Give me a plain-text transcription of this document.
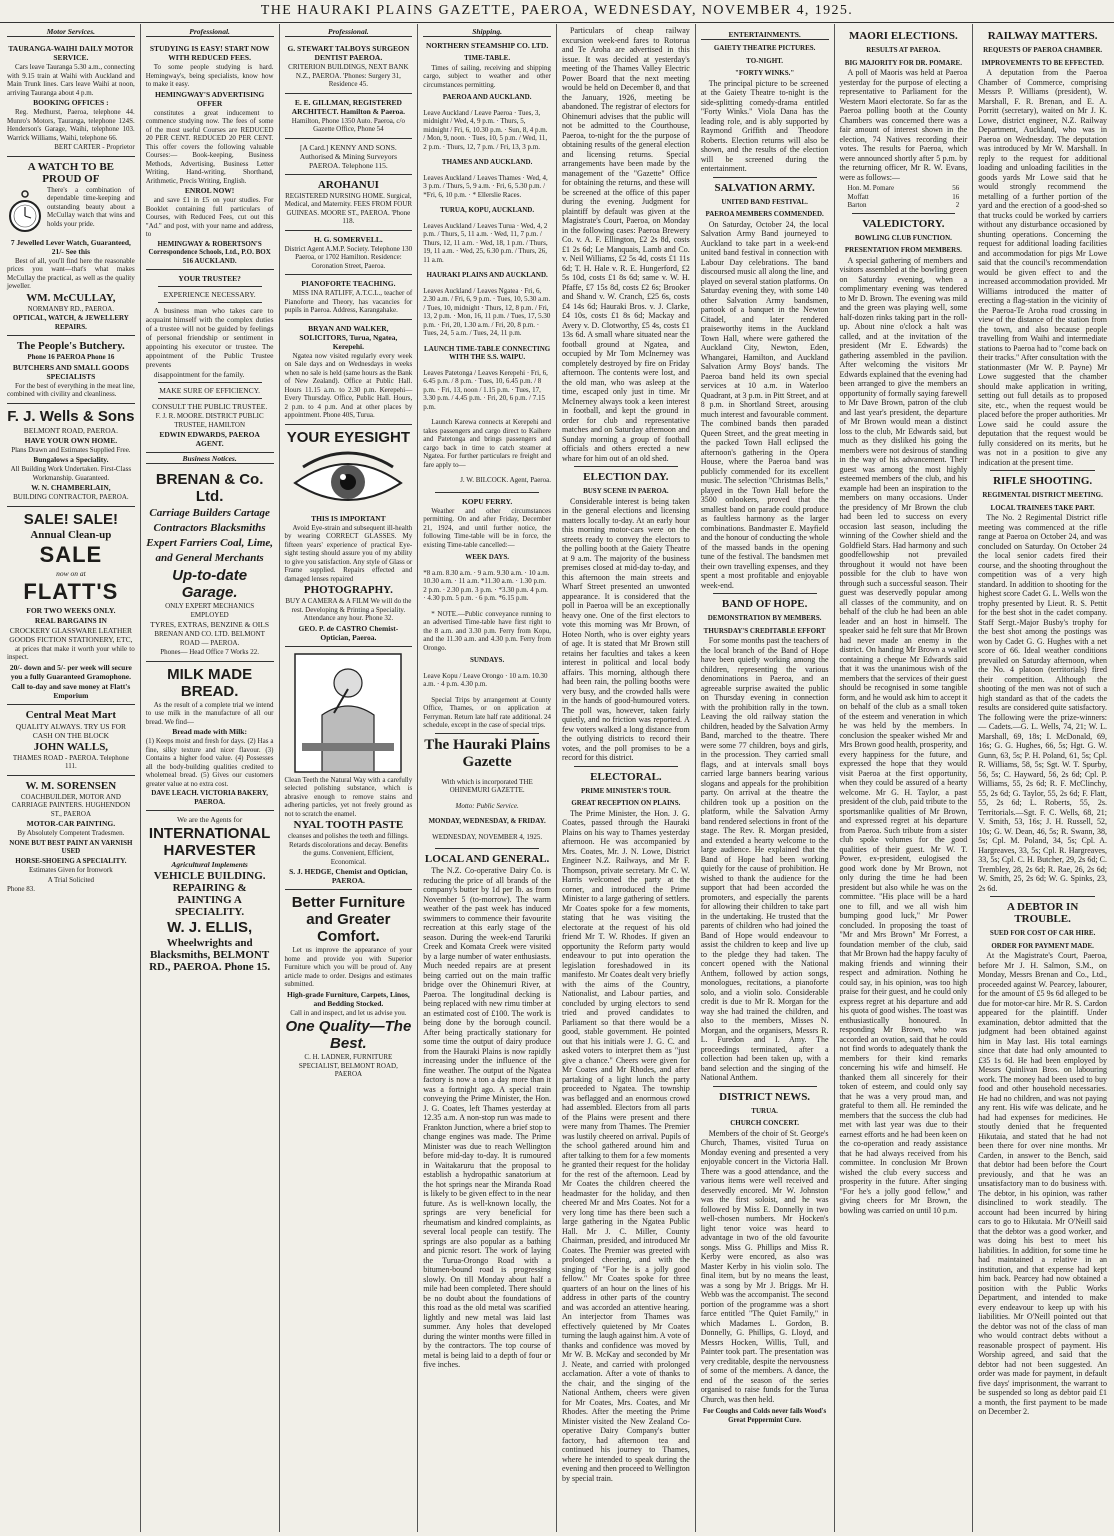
THE HAURAKI PLAINS GAZETTE, PAEROA, WEDNESDAY, NOVEMBER 4, 1925.
Motor Services.

TAURANGA-WAIHI DAILY MOTOR SERVICE.

Cars leave Tauranga 5.30 a.m., connecting with 9.15 train at Waihi with Auckland and Main Trunk lines. Cars leave Waihi at noon, arriving Tauranga about 4 p.m.

BOOKING OFFICES :

Reg. Medhurst, Paeroa, telephone 44. Munro's Motors, Tauranga, telephone 124S. Henderson's Garage, Waihi, telephone 103. Warrick Williams, Waihi, telephone 66.

BERT CARTER - Proprietor

A WATCH TO BE PROUD OF

There's a combination of dependable time-keeping and outstanding beauty about a McCullay watch that wins and holds your pride.

7 Jewelled Lever Watch, Guaranteed, 21/- See this

Best of all, you'll find here the reasonable prices you want—that's what makes McCullay the practical, as well as the quality jeweller.

WM. McCULLAY,

NORMANBY RD., PAEROA.

OPTICAL, WATCH, & JEWELLERY REPAIRS.

The People's Butchery.

Phone 16 PAEROA Phone 16

BUTCHERS AND SMALL GOODS SPECIALISTS

For the best of everything in the meat line, combined with civility and cleanliness.

F. J. Wells & Sons

BELMONT ROAD, PAEROA.

HAVE YOUR OWN HOME.

Plans Drawn and Estimates Supplied Free.

Bungalows a Speciality.

All Building Work Undertaken. First-Class Workmanship. Guaranteed.

W. N. CHAMBERLAIN,

BUILDING CONTRACTOR, PAEROA.

SALE! SALE!

Annual Clean-up

SALE

now on at

FLATT'S

FOR TWO WEEKS ONLY.

REAL BARGAINS IN

CROCKERY GLASSWARE LEATHER GOODS FICTION STATIONERY, ETC,

at prices that make it worth your while to inspect.

20/- down and 5/- per week will secure you a fully Guaranteed Gramophone.

Call to-day and save money at Flatt's Emporium

Central Meat Mart

QUALITY ALWAYS. TRY US FOR CASH ON THE BLOCK

JOHN WALLS,

THAMES ROAD - PAEROA. Telephone 111.

W. M. SORENSEN

COACHBUILDER, MOTOR AND CARRIAGE PAINTERS. HUGHENDON ST., PAEROA

MOTOR-CAR PAINTING.

By Absolutely Competent Tradesmen.

NONE BUT BEST PAINT AN VARNISH USED

HORSE-SHOEING A SPECIALITY.

Estimates Given for Ironwork

A Trial Solicited

Phone 83.

Professional.

STUDYING IS EASY! START NOW WITH REDUCED FEES.

To some people studying is hard. Hemingway's, being specialists, know how to make it easy.

HEMINGWAY'S ADVERTISING OFFER

constitutes a great inducement to commence studying now. The fees of some of the most useful Courses are REDUCED 20 PER CENT. REDUCED 20 PER CENT. This offer covers the following valuable Courses:— Book-keeping, Business Methods, Advertising, Business Letter Writing, Hand-writing, Shorthand, Arithmetic, Precis Writing, English.

ENROL NOW!

and save £1 in £5 on your studies. For Booklet containing full particulars of Courses, with Reduced Fees, cut out this "Ad." and post, with your name and address, to

HEMINGWAY & ROBERTSON'S Correspondence Schools, Ltd., P.O. BOX 516 AUCKLAND.

YOUR TRUSTEE?

EXPERIENCE NECESSARY.

A business man who takes care to acquaint himself with the complex duties of a trustee will not be guided by feelings of personal friendship or sentiment in appointing his executor or trustee. The appointment of the Public Trustee prevents

disappointment for the family.

MAKE SURE OF EFFICIENCY.

CONSULT THE PUBLIC TRUSTEE.

F. J. R. MOORE. DISTRICT PUBLIC TRUSTEE, HAMILTON

EDWIN EDWARDS, PAEROA AGENT.

Business Notices.

BRENAN & Co. Ltd.

Carriage Builders Cartage Contractors Blacksmiths Expert Farriers Coal, Lime, and General Merchants

Up-to-date Garage.

ONLY EXPERT MECHANICS EMPLOYED

TYRES, EXTRAS, BENZINE & OILS

BRENAN AND CO. LTD. BELMONT ROAD — PAEROA.

Phones— Head Office 7 Works 22.

MILK MADE BREAD.

As the result of a complete trial we intend to use milk in the manufacture of all our bread. We find—

Bread made with Milk:

(1) Keeps moist and fresh for days. (2) Has a fine, silky texture and nicer flavour. (3) Contains a higher food value. (4) Possesses all the body-building qualities credited to wholemeal bread. (5) Gives our customers greater value at no extra cost.

DAVE LEACH. VICTORIA BAKERY, PAEROA.

We are the Agents for

INTERNATIONAL HARVESTER

Agricultural Implements

VEHICLE BUILDING. REPAIRING & PAINTING A SPECIALITY.

W. J. ELLIS,

Wheelwrights and Blacksmiths, BELMONT RD., PAEROA. Phone 15.

Professional.

G. STEWART TALBOYS SURGEON DENTIST PAEROA.

CRITERION BUILDINGS, NEXT BANK N.Z., PAEROA. 'Phones: Surgery 31, Residence 45.

E. E. GILLMAN, REGISTERED ARCHITECT. Hamilton & Paeroa.

Hamilton, Phone 1350 Auto. Paeroa, c/o Gazette Office, Phone 54

[A Card.] KENNY AND SONS. Authorised & Mining Surveyors PAEROA. Telephone 115.

AROHANUI

REGISTERED NURSING HOME. Surgical, Medical, and Maternity. FEES FROM FOUR GUINEAS. MOORE ST., PAEROA. 'Phone 118.

H. G. SOMERVELL.

District Agent A.M.P. Society. Telephone 130 Paeroa, or 1702 Hamilton. Residence: Coronation Street, Paeroa.

PIANOFORTE TEACHING.

MISS INA RATLIFF, A.T.C.L., teacher of Pianoforte and Theory, has vacancies for pupils in Paeroa. Address, Karangahake.

BRYAN AND WALKER, SOLICITORS, Turua, Ngatea, Kerepehi.

Ngatea now visited regularly every week on Sale days and on Wednesdays in weeks when no sale is held (same hours as the Bank of New Zealand). Office at Public Hall. Hours 11.15 a.m. to 2.30 p.m. Kerepehi—Every Thursday. Office, Public Hall. Hours, 2 p.m. to 4 p.m. And at other places by appointment. Phone 40S, Turua.

YOUR EYESIGHT

THIS IS IMPORTANT

Avoid Eye-strain and subsequent ill-health by wearing CORRECT GLASSES. My fifteen years' experience of practical Eye-sight testing should assure you of my ability to give you satisfaction. Any style of Glass or Frame supplied. Repairs effected and damaged lenses repaired

PHOTOGRAPHY.

BUY A CAMERA & A FILM We will do the rest. Developing & Printing a Speciality. Attendance any hour. Phone 32.

GEO. P. de CASTRO Chemist-Optician, Paeroa.

Clean Teeth the Natural Way with a carefully selected polishing substance, which is abrasive enough to remove stains and adhering particles, yet not freely ground as not to scratch the enamel.

NYAL TOOTH PASTE

cleanses and polishes the teeth and fillings. Retards discolorations and decay. Benefits the gums. Convenient, Efficient, Economical.

S. J. HEDGE, Chemist and Optician, PAEROA.

Better Furniture and Greater Comfort.

Let us improve the appearance of your home and provide you with Superior Furniture which you will be proud of. Any article made to order. Designs and estimates submitted.

High-grade Furniture, Carpets, Linos, and Bedding Stocked.

Call in and inspect, and let us advise you.

One Quality—The Best.

C. H. LADNER, FURNITURE SPECIALIST, BELMONT ROAD, PAEROA

Shipping.

NORTHERN STEAMSHIP CO. LTD.

TIME-TABLE.

Times of sailing, receiving and shipping cargo, subject to weather and other circumstances permitting.

PAEROA AND AUCKLAND.

Leave Auckland / Leave Paeroa · Tues, 3, midnight / Wed, 4, 9 p.m. · Thurs, 5, midnight / Fri, 6, 10.30 p.m. · Sun, 8, 4 p.m. / Mon, 9, noon. · Tues, 10, 5 p.m. / Wed, 11, 2 p.m. · Thurs, 12, 7 p.m. / Fri, 13, 3 p.m.

THAMES AND AUCKLAND.

Leaves Auckland / Leaves Thames · Wed, 4, 3 p.m. / Thurs, 5, 9 a.m. · Fri, 6, 5.30 p.m. / *Fri, 6, 10 p.m. · * Ellerslie Races.

TURUA, KOPU, AUCKLAND.

Leaves Auckland / Leaves Turua · Wed, 4, 2 p.m. / Thurs, 5, 11 a.m. · Wed, 11, 7 p.m. / Thurs, 12, 11 a.m. · Wed, 18, 1 p.m. / Thurs, 19, 11 a.m. · Wed, 25, 6.30 p.m. / Thurs, 26, 11 a.m.

HAURAKI PLAINS AND AUCKLAND.

Leaves Auckland / Leaves Ngatea · Fri, 6, 2.30 a.m. / Fri, 6, 9 p.m. · Tues, 10, 5.30 a.m. / Tues, 10, midnight · Thurs, 12, 8 p.m. / Fri, 13, 2 p.m. · Mon, 16, 11 p.m. / Tues, 17, 5.30 p.m. · Fri, 20, 1.30 a.m. / Fri, 20, 8 p.m. · Tues, 24, 5 a.m. / Tues, 24, 11 p.m.

LAUNCH TIME-TABLE CONNECTING WITH THE S.S. WAIPU.

Leaves Patetonga / Leaves Kerepehi · Fri, 6, 6.45 p.m. / 8 p.m. · Tues, 10, 6.45 p.m. / 8 p.m. · Fri, 13, noon / 1.15 p.m. · Tues, 17, 3.30 p.m. / 4.45 p.m. · Fri, 20, 6 p.m. / 7.15 p.m.

Launch Karewa connects at Kerepehi and takes passengers and cargo direct to Kaihere and Patetonga and brings passengers and cargo back in time to catch steamer at Ngatea. For further particulars re freight and fare apply to—

J. W. BILCOCK. Agent, Paeroa.

KOPU FERRY.

Weather and other circumstances permitting. On and after Friday, December 21, 1924, and until further notice, the following Time-table will be in force, the existing Time-table cancelled:—

WEEK DAYS.

*8 a.m. 8.30 a.m. · 9 a.m. 9.30 a.m. · 10 a.m. 10.30 a.m. · 11 a.m. *11.30 a.m. · 1.30 p.m. 2 p.m. · 2.30 p.m. 3 p.m. · *3.30 p.m. 4 p.m. · 4.30 p.m. 5 p.m. · 6 p.m. *6.15 p.m.

* NOTE.—Public conveyance running to an advertised Time-table have first right to the 8 a.m. and 3.30 p.m. Ferry from Kopu, and the 11.30 a.m. and 4.30 p.m. Ferry from Orongo.

SUNDAYS.

Leave Kopu / Leave Orongo · 10 a.m. 10.30 a.m. · 4 p.m. 4.30 p.m.

Special Trips by arrangement at County Office, Thames, or on application at Ferryman. Return late half rate additional. 24 schedule, except in the case of special trips.

The Hauraki Plains Gazette

With which is incorporated THE OHINEMURI GAZETTE.

Motto: Public Service.

MONDAY, WEDNESDAY, & FRIDAY.

WEDNESDAY, NOVEMBER 4, 1925.

LOCAL AND GENERAL.

The N.Z. Co-operative Dairy Co. is reducing the price of all brands of the company's butter by 1d per lb. as from November 5 (to-morrow). The warm weather of the past week has induced swimmers to commence their favourite recreation at this early stage of the season. During the week-end Taruriki Creek and Komata Creek were visited by a large number of water enthusiasts. Much needed repairs are at present being carried out on the main traffic bridge over the Ohinemuri River, at Paeroa. The longitudinal decking is being replaced with new rimu timber at an estimated cost of £100. The work is being done by the borough council. After being practically stationary for some time the output of dairy produce from the Hauraki Plains is now rapidly increasing under the influence of the fine weather. The output of the Ngatea factory is now a ton a day more than it was a fortnight ago. A special train conveying the Prime Minister, the Hon. J. G. Coates, left Thames yesterday at 12.35 a.m. A non-stop run was made to Frankton Junction, where a brief stop to change engines was made. The Prime Minister was due to reach Wellington before mid-day to-day. It is rumoured in Waitakaruru that the proposal to establish a hydropathic sanatorium at the hot springs near the Miranda Road is likely to be given effect to in the near future. As is well-known locally, the springs are very beneficial for rheumatism and kindred complaints, as several local people can testify. The springs are also popular as a bathing and picnic resort. The work of laying the Turua-Orongo Road with a bitumen-bound road is progressing slowly. On till Monday about half a mile had been completed. There should be no doubt about the foundations of this road as the old metal was scarified lightly and new metal was laid last summer. Any holes that developed during the winter months were filled in by the contractors. The top course of metal is being laid to a depth of four or five inches.

Particulars of cheap railway excursion week-end fares to Rotorua and Te Aroha are advertised in this issue. It was decided at yesterday's meeting of the Thames Valley Electric Power Board that the next meeting would be held on December 8, and that the January, 1926, meeting be abandoned. The registrar of electors for Ohinemuri advises that the public will not be admitted to the Courthouse, Paeroa, to-night for the the purpose of obtaining results of the general election and licensing returns. Special arrangements have been made by the management of the "Gazette" Office for obtaining the returns, and these will be screened at the office of this paper during the evening. Judgment for plaintiff by default was given at the Magistrate's Court, Paeroa, on Monday in the following cases: Paeroa Brewery Co. v. A. F. Ellington, £2 2s 8d, costs £1 2s 6d; Le Manquais, Lamb and Co. v. Neil Williams, £2 5s 4d, costs £1 11s 6d; T. H. Hale v. R. E. Hungerford, £2 5s 10d, costs £1 8s 6d; same v. W. H. Pfaffe, £7 15s 8d, costs £2 6s; Brooker and Shand v. W. Cranch, £25 6s, costs £4 14s 6d; Hauraki Bros. v. J. Clarke, £4 10s, costs £1 8s 6d; Mackay and Avery v. D. Clotworthy, £5 4s, costs £1 13s 6d. A small whare situated near the football ground at Ngatea, and occupied by Mr Tom McInerney was completely destroyed by fire on Friday afternoon. The contents were lost, and the old man, who was asleep at the time, escaped only just in time. Mr McInerney always took a keen interest in football, and kept the ground in order for club and representative matches and on Saturday afternoon and Sunday morning a group of football officials and others erected a new whare for him out of an old shed.

ELECTION DAY.

BUSY SCENE IN PAEROA.

Considerable interest is being taken in the general elections and licensing matters locally to-day. At an early hour this morning motor-cars were on the streets ready to convey the electors to the polling booth at the Gaiety Theatre at 9 a.m. The majority of the business premises closed at mid-day to-day, and this afternoon the main streets and Wharf Street presented an unwonted appearance. It is considered that the poll in Paeroa will be an exceptionally heavy one. One of the first electors to vote this morning was Mr Brown, of Hoteo North, who is over eighty years of age. It is stated that Mr Brown still retains her faculties and takes a keen interest in political and local body affairs. This morning, although there had been rain, the polling booths were very busy, and the crowded halls were in the hands of good-humoured voters. The poll was, however, taken fairly quietly, and no friction was reported. A few voters walked a long distance from the outlying districts to record their votes, and the poll promises to be a record for this district.

ELECTORAL.

PRIME MINISTER'S TOUR.

GREAT RECEPTION ON PLAINS.

The Prime Minister, the Hon. J. G. Coates, passed through the Hauraki Plains on his way to Thames yesterday afternoon. He was accompanied by Mrs. Coates, Mr. J. N. Lowe, District Engineer N.Z. Railways, and Mr F. Thompson, private secretary. Mr C. W. Harris welcomed the party at the corner, and introduced the Prime Minister to a large gathering of settlers. Mr Coates spoke for a few moments, stating that he was visiting the electorate at the request of his old friend Mr T. W. Rhodes. If given an opportunity the Reform party would endeavour to put into operation the legislation foreshadowed in its manifesto. Mr Coates dealt very briefly with the aims of the Country, Nationalist, and Labour parties, and concluded by urging electors to send tried and proved candidates to Parliament so that there would be a good, stable government. He pointed out that his initials were J. G. C. and asked voters to interpret them as "just give a chance." Cheers were given for Mr Coates and Mr Rhodes, and after partaking of a light lunch the party proceeded to Ngatea. The township was beflagged and an enormous crowd had assembled. Electors from all parts of the Plains were present and there were many from Thames. The Premier was lustily cheered on arrival. Pupils of the school gathered around him and after talking to them for a few moments he granted their request for the holiday for the rest of the afternoon. Lead by Mr Coates the children cheered the headmaster for the holiday, and then cheered Mr and Mrs Coates. Not for a very long time has there been such a large gathering in the Ngatea Public Hall. Mr J. C. Miller, County Chairman, presided, and introduced Mr Coates. The Premier was greeted with prolonged cheering, and with the singing of "For he is a jolly good fellow." Mr Coates spoke for three quarters of an hour on the lines of his address in other parts of the country and was accorded an attentive hearing. An interjector from Thames was effectively quietened by Mr Coates turning the laugh against him. A vote of thanks and confidence was moved by Mr W. B. McKay and seconded by Mr J. Neate, and carried with prolonged acclamation. After a vote of thanks to the chair, and the singing of the National Anthem, cheers were given for Mr Coates, Mrs. Coates, and Mr Rhodes. After the meeting the Prime Minister visited the New Zealand Co-operative Dairy Company's butter factory, had afternoon tea and continued his journey to Thames, where he intended to speak during the evening and then proceed to Wellington by special train.

ENTERTAINMENTS.

GAIETY THEATRE PICTURES.

TO-NIGHT.

"FORTY WINKS."

The principal picture to be screened at the Gaiety Theatre to-night is the side-splitting comedy-drama entitled "Forty Winks." Viola Dana has the leading role, and is ably supported by Raymond Griffith and Theodore Roberts. Election returns will also be shown, and the results of the election will be screened during the entertainment.

SALVATION ARMY.

UNITED BAND FESTIVAL.

PAEROA MEMBERS COMMENDED.

On Saturday, October 24, the local Salvation Army Band journeyed to Auckland to take part in a week-end united band festival in connection with Labour Day celebrations. The band discoursed music all along the line, and played on several station platforms. On Saturday evening they, with some 140 other Salvation Army bandsmen, partook of a banquet in the Newton Citadel, and later rendered praiseworthy items in the Auckland Town Hall, where were gathered the Auckland City, Newton, Eden, Whangarei, Hamilton, and Auckland Salvation Army Boys' bands. The Paeroa band held its own special services at 10 a.m. in Waterloo Quadrant, at 3 p.m. in Pitt Street, and at 8 p.m. in Shortland Street, arousing much interest and favourable comment. The combined bands then paraded Queen Street, and the great meeting in the packed Town Hall eclipsed the afternoon's gathering in the Opera House, where the Paeroa band was publicly commended for its excellent music. The selection "Christmas Bells," played in the Town Hall before the 3500 onlookers, proved that the smallest band on parade could produce as faultless harmony as the larger combinations. Bandmaster E. Mayfield and the honour of conducting the whole of the massed bands in the opening tune of the festival. The bandsmen met their own travelling expenses, and they spent a most profitable and enjoyable week-end.

BAND OF HOPE.

DEMONSTRATION BY MEMBERS.

THURSDAY'S CREDITABLE EFFORT

For some months past the teachers of the local branch of the Band of Hope have been quietly working among the children, representing the various denominations in Paeroa, and an agreeable surprise awaited the public on Thursday evening in connection with the prohibition rally in the town. Leaving the old railway station the children, headed by the Salvation Army Band, marched to the theatre. There were some 77 children, boys and girls, in the procession. They carried small flags, and at intervals small boys carried large banners bearing various slogans and appeals for the prohibition party. On arrival at the theatre the children took up a position on the platform, while the Salvation Army band rendered selections in front of the stage. The Rev. R. Morgan presided, and extended a hearty welcome to the large audience. He explained that the Band of Hope had been working quietly for the cause of prohibition. He wished to thank the audience for the support that had been accorded the promoters, and especially the parents for allowing their children to take part in the undertaking. He trusted that the parents of children who had joined the Band of Hope would endeavour to assist the children to keep and live up to the pledge they had taken. The concert opened with the National Anthem, followed by action songs, monologues, recitations, a pianoforte solo, and a violin solo. Considerable credit is due to Mr R. Morgan for the way she had trained the children, and also to the members, Misses N. Morgan, and the organisers, Messrs R. L. Furedon and I. Amy. The proceedings terminated, after a collection had been taken up, with a band selection and the singing of the National Anthem.

DISTRICT NEWS.

TURUA.

CHURCH CONCERT.

Members of the choir of St. George's Church, Thames, visited Turua on Monday evening and presented a very enjoyable concert in the Victoria Hall. There was a good attendance, and the various items were well received and deservedly encored. Mr W. Johnston was the first soloist, and he was followed by Miss E. Donnelly in two well-chosen numbers. Mr Hocken's light tenor voice was heard to advantage in two of the old favourite songs. Miss G. Phillips and Miss R. Kerby were encored, as also was Master Kerby in his violin solo. The final item, but by no means the least, was a song by Mr J. Briggs. Mr H. Webb was the accompanist. The second portion of the programme was a short farce entitled "The Quiet Family," in which Madames L. Gordon, B. Donnelly, G. Phillips, G. Lloyd, and Messrs Hocken, Willis, Tull, and Painter took part. The presentation was very creditable, despite the nervousness of some of the members. A dance, the end of the season of the series organised to raise funds for the Turua Church, was then held.

For Coughs and Colds never fails Wood's Great Peppermint Cure.

MAORI ELECTIONS.

RESULTS AT PAEROA.

BIG MAJORITY FOR DR. POMARE.

A poll of Maoris was held at Paeroa yesterday for the purpose of electing a representative to Parliament for the Western Maori electorate. So far as the Paeroa polling booth at the County Chambers was concerned there was a fair amount of interest shown in the election, 74 Natives recording their votes. The results for Paeroa, which were announced shortly after 5 p.m. by the returning officer, Mr R. W. Evans, were as follows:—

Hon. M. Pomare	56
Moffatt	16
Barton	2

VALEDICTORY.

BOWLING CLUB FUNCTION.

PRESENTATION FROM MEMBERS.

A special gathering of members and visitors assembled at the bowling green on Saturday evening, when a complimentary evening was tendered to Mr D. Brown. The evening was mild and the green was playing well, some half-dozen rinks taking part in the roll-up. About nine o'clock a halt was called, and at the invitation of the president (Mr E. Edwards) the gathering assembled in the pavilion. After welcoming the visitors Mr Edwards explained that the evening had been arranged to give the members an opportunity of formally saying farewell to Mr Dave Brown, patron of the club and last year's president, the departure of Mr Brown would mean a distinct loss to the club, Mr Edwards said, but much as they disliked his going the members were not desirous of standing in the way of his advancement. Their guest was among the most highly esteemed members of the club, and his example had been an inspiration to the members on many occasions. Under the presidency of Mr Brown the club had been led to success on every occasion last season, including the winning of the Cowher shield and the Goldfield Stars. Had harmony and such goodfellowship not prevailed throughout it would not have been possible for the club to have won through such a successful season. Their guest was deservedly popular among all classes of the community, and on behalf of the club he had been an able leader and an host in himself. The speaker said he felt sure that Mr Brown had never made an enemy in the district. On handing Mr Brown a wallet containing a cheque Mr Edwards said that it was the unanimous wish of the members that the services of their guest should be recognised in some tangible form, and he would ask him to accept it on behalf of the club as a small token of the esteem and veneration in which he was held by the members. In conclusion the speaker wished Mr and Mrs Brown good health, prosperity, and every happiness for the future, and expressed the hope that they would visit Paeroa at the first opportunity, when they could be assured of a hearty welcome. Mr G. H. Taylor, a past president of the club, paid tribute to the sportsmanlike qualities of Mr Brown, and expressed regret at his departure from Paeroa. Such tribute from a sister club spoke volumes for the good qualities of their guest. Mr W. T. Power, ex-president, eulogised the good work done by Mr Brown, not only during the time he had been president but also while he was on the committee. "His place will be a hard one to fill, and we all wish him bumping good luck," Mr Power concluded. In proposing the toast of "Mr and Mrs Brown" Mr Forrest, a foundation member of the club, said that Mr Brown had the happy faculty of making friends and winning their respect and admiration. Nothing he could say, in his opinion, was too high praise for their guest, and he could only express regret at his departure and add his quota of good wishes. The toast was enthusiastically honoured. In responding Mr Brown, who was accorded an ovation, said that he could not find words to adequately thank the members for their kind remarks concerning his wife and himself. He thanked them all sincerely for their token of esteem, and could only say that he was a very proud man, and grateful to them all. He reminded the members that the success the club had met with last year was due to their earnest efforts and he had been keen on the co-operation and ready assistance that he had always received from his committee. In conclusion Mr Brown wished the club every success and prosperity in the future. After singing "For he's a jolly good fellow," and giving cheers for Mr Brown, the bowling was carried on until 10 p.m.

RAILWAY MATTERS.

REQUESTS OF PAEROA CHAMBER.

IMPROVEMENTS TO BE EFFECTED.

A deputation from the Paeroa Chamber of Commerce, comprising Messrs P. Williams (president), W. Marshall, F. R. Brenan, and E. A. Porritt (secretary), waited on Mr J. K. Lowe, district engineer, N.Z. Railway Department, Auckland, who was in Paeroa on Wednesday. The deputation was introduced by Mr W. Marshall. In reply to the request for additional loading and unloading facilities in the goods yards Mr Lowe said that he would strongly recommend the metalling of a further portion of the yard and the erection of a good-shed so that trucks could be worked by carriers without any disturbance occasioned by shunting operations. Concerning the request for additional loading facilities and accommodation for pigs Mr Lowe said that the council's recommendation would be given effect to and the increased accommodation provided. Mr Williams introduced the matter of erecting a flag-station in the vicinity of the Paeroa-Te Aroha road crossing in view of the distance of the station from the town, and also because people travelling from Waihi and intermediate stations to Paeroa had to "come back on their tracks." After consultation with the stationmaster (Mr W. P. Payne) Mr Lowe suggested that the chamber should make application in writing, setting out full details as to proposed site, etc., when the request would be placed before the proper authorities. Mr Lowe said he could assure the deputation that the request would be fully considered on its merits, but he was not in a position to give any indication at the present time.

RIFLE SHOOTING.

REGIMENTAL DISTRICT MEETING.

LOCAL TRAINEES TAKE PART.

The No. 2 Regimental District rifle meeting was commenced at the rifle range at Paeroa on October 24, and was concluded on Saturday. On October 24 the local senior cadets fired their course, and the shooting throughout the competition was of a very high standard. In addition to shooting for the highest score Cadet G. L. Wells won the trophy presented by Lieut. R. S. Pettit for the best shot in the cadet company. Staff Sergt.-Major Busby's trophy for the best shot among the postings was won by Cadet G. G. Hughes with a net score of 66. Ideal weather conditions prevailed on Saturday afternoon, when the No. 4 platoon (territorials) fired their competition. Although the shooting of the men was not of such a high standard as that of the cadets the results are considered quite satisfactory. The following were the prize-winners:— Cadets.—G. L. Wells, 74, 21; W. L. Marshall, 69, 18s; I. McDonald, 69, 16s; G. G. Hughes, 66, 5s; Hgt. G. W. Gunn, 63, 5s; P. H. Poland, 61, 5s; Cpl. R. Williams, 58, 5s; Sgt. W. T. Spurby, 56, 5s; C. Hayward, 56, 2s 6d; Cpl. P. Williams, 55, 2s 6d; R. F. McClinchy, 55, 2s 6d; G. Taylor, 55, 2s 6d; F. Flatt, 55, 2s 6d; L. Roberts, 55, 2s. Territorials.—Sgt. F. C. Wells, 68, 21; V. Smith, 53, 16s; J. H. Russell, 52, 10s; G. W. Dean, 46, 5s; R. Swann, 38, 5s; Cpl. M. Poland, 34, 5s; Cpl. A. Hargreaves, 33, 5s; Cpl. R. Hargreaves, 33, 5s; Cpl. C. H. Butcher, 29, 2s 6d; C. Trembley, 28, 2s 6d; R. Rae, 26, 2s 6d; W. Smith, 25, 2s 6d; W. G. Spinks, 23, 2s 6d.

A DEBTOR IN TROUBLE.

SUED FOR COST OF CAR HIRE.

ORDER FOR PAYMENT MADE.

At the Magistrate's Court, Paeroa, before Mr J. H. Salmon, S.M., on Monday, Messrs Brenan and Co., Ltd., proceeded against W. Pearcey, labourer, for the amount of £5 9s 6d alleged to be due for motor-car hire. Mr R. S. Cardon appeared for the plaintiff. Under examination, debtor admitted that the judgment had been obtained against him in May last. His total earnings since that date had only amounted to £35 1s 6d. He had been employed by Messrs Quinlivan Bros. on labouring work. The money had been used to buy food and other household necessaries. He had no children, and was not paying any rent. His wife was delicate, and he had had expenses for medicines. He stoutly denied that he frequented Hikutaia, and stated that he had not been there for over nine months. Mr Carden, in answer to the Bench, said that debtor had been before the Court previously, and that he was an unsatisfactory man to do business with. The debtor, in his opinion, was rather disinclined to work steadily. The account had been incurred by hiring cars to go to Hikutaia. Mr O'Neill said that the debtor was a good worker, and was doing his best to meet his liabilities. In addition, for some time he had maintained a relative in an institution, and that expense had kept him back. Pearcey had now obtained a position with the Public Works Department, and intended to make every endeavour to keep up with his liabilities. Mr O'Neill pointed out that the debtor was not of the class of man who would contract debts without a reasonable prospect of payment. His Worship agreed, and said that the debtor had not been suggested. An order was made for payment, in default five days' imprisonment, the warrant to be suspended so long as debtor paid £1 a month, the first payment to be made on December 2.
